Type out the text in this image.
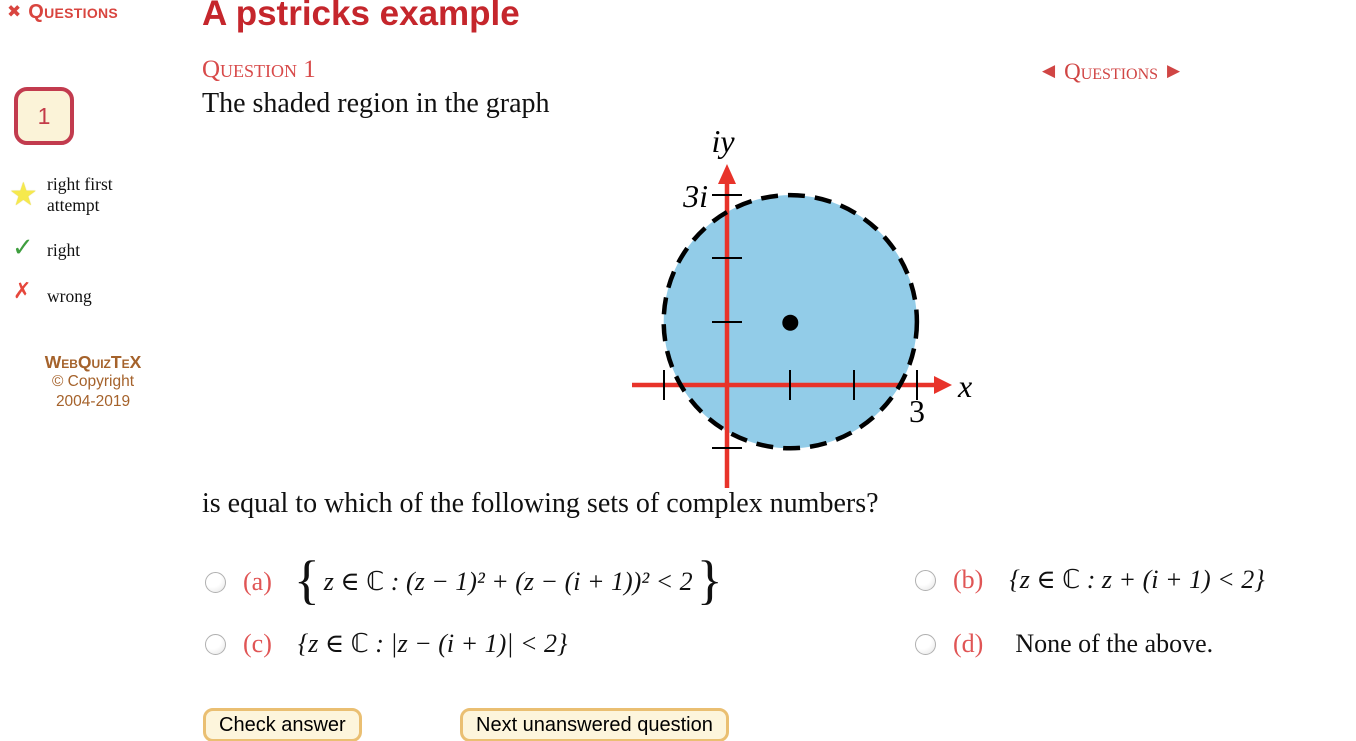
✖ Questions A pstricks example
Question 1	◀ Questions ▶
The shaded region in the graph
1
★ right first attempt
✓ right
✗ wrong
WebQuizTeX
© Copyright
2004-2019
iy
3i
x
3
is equal to which of the following sets of complex numbers?
(a) { z ∈ ℂ : (z − 1)² + (z − (i + 1))² < 2 }	(b) {z ∈ ℂ : z + (i + 1) < 2}
(c) {z ∈ ℂ : |z − (i + 1)| < 2}	(d) None of the above.
Check answer	Next unanswered question
